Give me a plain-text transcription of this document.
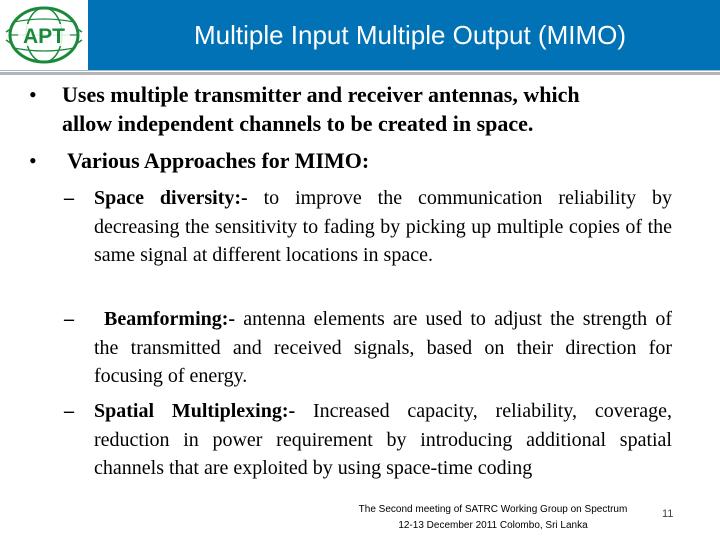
APT	Multiple Input Multiple Output (MIMO)
• Uses multiple transmitter and receiver antennas, which
allow independent channels to be created in space.
• Various Approaches for MIMO:
– Space diversity:- to improve the communication reliability by decreasing the sensitivity to fading by picking up multiple copies of the same signal at different locations in space.
– Beamforming:- antenna elements are used to adjust the strength of the transmitted and received signals, based on their direction for focusing of energy.
– Spatial Multiplexing:- Increased capacity, reliability, coverage, reduction in power requirement by introducing additional spatial channels that are exploited by using space-time coding
The Second meeting of SATRC Working Group on Spectrum
12-13 December 2011 Colombo, Sri Lanka
11
